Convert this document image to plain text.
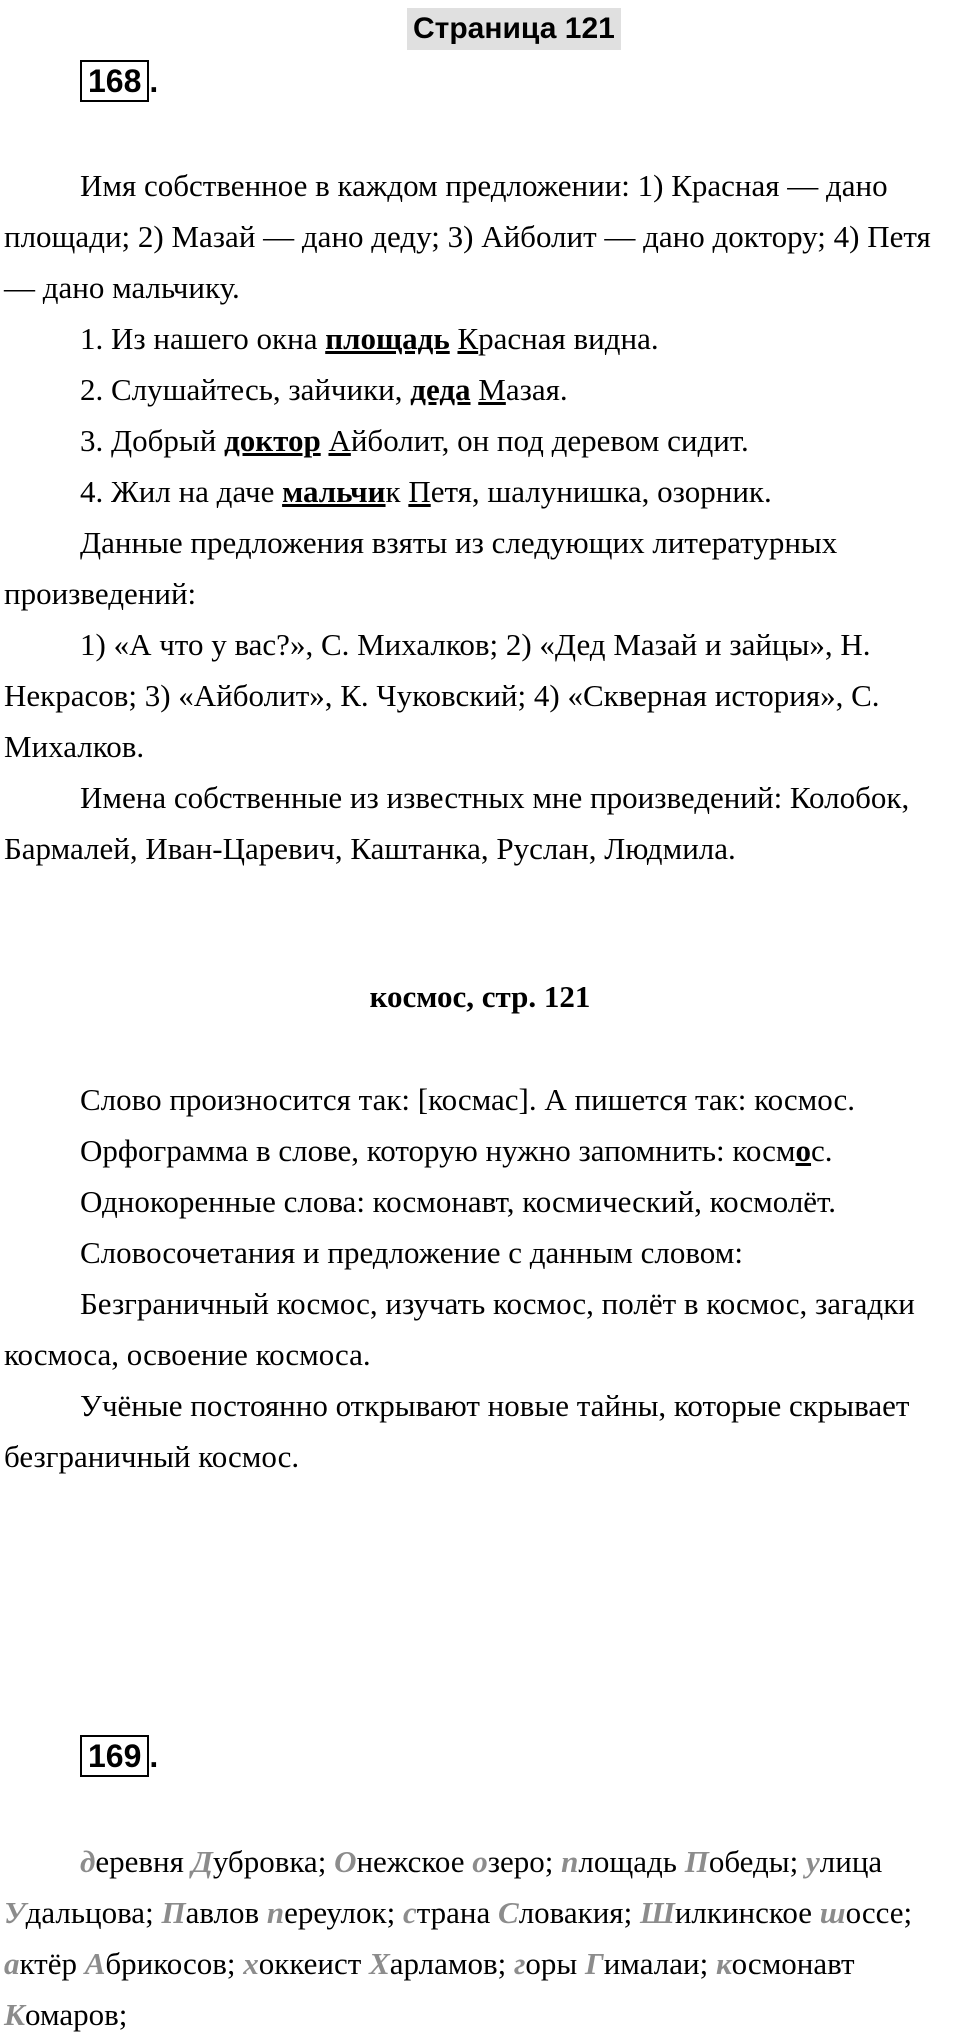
Страница 121
168 .

Имя собственное в каждом предложении: 1) Красная — дано площади; 2) Мазай — дано деду; 3) Айболит — дано доктору; 4) Петя — дано мальчику.

1. Из нашего окна площадь Красная видна.

2. Слушайтесь, зайчики, деда Мазая.

3. Добрый доктор Айболит, он под деревом сидит.

4. Жил на даче мальчик Петя, шалунишка, озорник.

Данные предложения взяты из следующих литературных произведений:

1) «А что у вас?», С. Михалков; 2) «Дед Мазай и зайцы», Н. Некрасов; 3) «Айболит», К. Чуковский; 4) «Скверная история», С. Михалков.

Имена собственные из известных мне произведений: Колобок, Бармалей, Иван-Царевич, Каштанка, Руслан, Людмила.

космос, стр. 121

Слово произносится так: [космас]. А пишется так: космос.

Орфограмма в слове, которую нужно запомнить: космос.

Однокоренные слова: космонавт, космический, космолёт.

Словосочетания и предложение с данным словом:

Безграничный космос, изучать космос, полёт в космос, загадки космоса, освоение космоса.

Учёные постоянно открывают новые тайны, которые скрывает безграничный космос.

169 .

деревня Дубровка; Онежское озеро; площадь Победы; улица Удальцова; Павлов переулок; страна Словакия; Шилкинское шоссе; актёр Абрикосов; хоккеист Харламов; горы Гималаи; космонавт Комаров;
